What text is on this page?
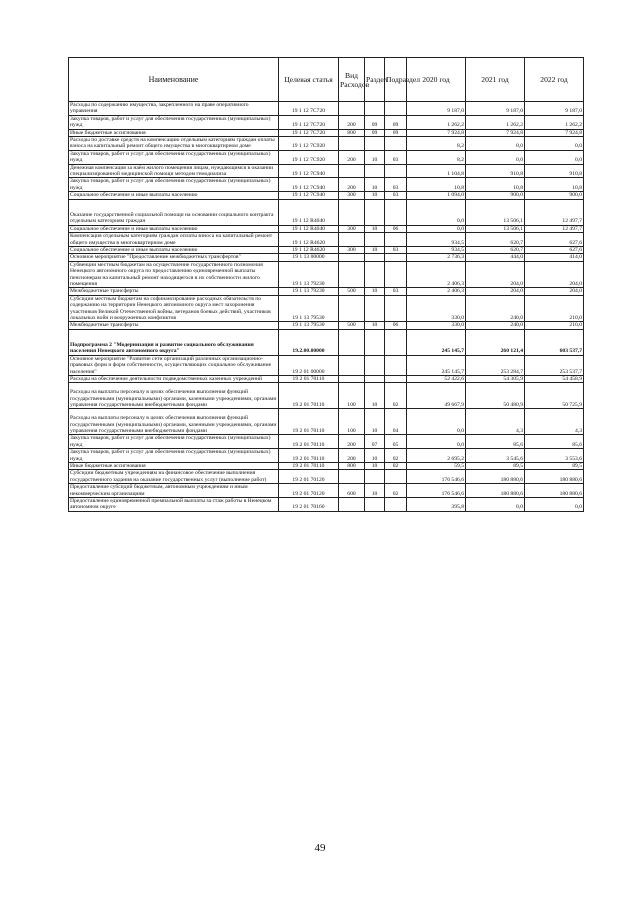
Наименование	Целевая статья	Вид Расходов	Раздел	Подраздел	2020 год	2021 год	2022 год
Расходы по содержанию имущества, закрепленного на праве оперативного управления	19 1 12 7С720				9 187,0	9 187,0	9 187,0
Закупка товаров, работ и услуг для обеспечения государственных (муниципальных) нужд	19 1 12 7С720	200	09	09	1 262,2	1 262,2	1 262,2
Иные бюджетные ассигнования	19 1 12 7С720	800	09	09	7 924,8	7 924,8	7 924,8
Расходы по доставке средств на компенсацию отдельным категориям граждан оплаты взноса на капитальный ремонт общего имущества в многоквартирном доме	19 1 12 7С920				8,2	0,0	0,0
Закупка товаров, работ и услуг для обеспечения государственных (муниципальных) нужд	19 1 12 7С920	200	10	03	8,2	0,0	0,0
Денежная компенсация за наём жилого помещения лицам, нуждающимся в оказании специализированной медицинской помощи методом гемодиализа	19 1 12 7С940				1 104,8	910,8	910,8
Закупка товаров, работ и услуг для обеспечения государственных (муниципальных) нужд	19 1 12 7С940	200	10	03	10,8	10,8	10,8
Социальное обеспечение и иные выплаты населению	19 1 12 7С940	300	10	03	1 094,0	900,0	900,0
Оказание государственной социальной помощи на основании социального контракта отдельным категориям граждан	19 1 12 R4040				0,0	13 506,1	12 497,7
Социальное обеспечение и иные выплаты населению	19 1 12 R4040	300	10	06	0,0	13 506,1	12 497,7
Компенсация отдельным категориям граждан оплаты взноса на капитальный ремонт общего имущества в многоквартирном доме	19 1 12 R4620				934,5	620,7	627,6
Социальное обеспечение и иные выплаты населению	19 1 12 R4620	300	10	03	934,5	620,7	627,6
Основное мероприятие "Предоставление межбюджетных трансфертов"	19 1 13 00000				2 736,3	444,0	414,0
Субвенции местным бюджетам на осуществление государственного полномочия Ненецкого автономного округа по предоставлению единовременной выплаты пенсионерам на капитальный ремонт находящегося в их собственности жилого помещения	19 1 13 79230				2 406,3	204,0	204,0
Межбюджетные трансферты	19 1 13 79230	500	10	03	2 406,3	204,0	204,0
Субсидии местным бюджетам на софинансирование расходных обязательств по содержанию на территории Ненецкого автономного округа мест захоронения участников Великой Отечественной войны, ветеранов боевых действий, участников локальных войн и вооруженных конфликтов	19 1 13 79530				330,0	240,0	210,0
Межбюджетные трансферты	19 1 13 79530	500	10	06	330,0	240,0	210,0
Подпрограмма 2 "Модернизация и развитие социального обслуживания населения Ненецкого автономного округа"	19.2.00.00000				245 145,7	260 121,4	603 537,7
Основное мероприятие "Развитие сети организаций различных организационно-правовых форм и форм собственности, осуществляющих социальное обслуживание населения"	19 2 01 00000				245 145,7	253 284,7	253 537,7
Расходы на обеспечение деятельности подведомственных казенных учреждений	19 2 01 70110				52 422,6	54 305,9	54 458,9
Расходы на выплаты персоналу в целях обеспечения выполнения функций государственными (муниципальными) органами, казенными учреждениями, органами управления государственными внебюджетными фондами	19 2 01 70110	100	10	02	49 667,9	50 480,9	50 725,9
Расходы на выплаты персоналу в целях обеспечения выполнения функций государственными (муниципальными) органами, казенными учреждениями, органами управления государственными внебюджетными фондами	19 2 01 70110	100	10	04	0,0	4,3	4,3
Закупка товаров, работ и услуг для обеспечения государственных (муниципальных) нужд	19 2 01 70110	200	07	05	0,0	85,6	85,6
Закупка товаров, работ и услуг для обеспечения государственных (муниципальных) нужд	19 2 01 70110	200	10	02	2 695,2	3 545,6	3 553,6
Иные бюджетные ассигнования	19 2 01 70110	800	10	02	59,5	89,5	89,5
Субсидии бюджетным учреждениям на финансовое обеспечение выполнения государственного задания на оказание государственных услуг (выполнение работ)	19 2 01 70120				176 546,6	180 880,6	180 880,6
Предоставление субсидий бюджетным, автономным учреждениям и иным некоммерческим организациям	19 2 01 70120	600	10	02	176 546,6	180 880,6	180 880,6
Предоставление единовременной премиальной выплаты за стаж работы в Ненецком автономном округе	19 2 01 70160				395,8	0,0	0,0
49
